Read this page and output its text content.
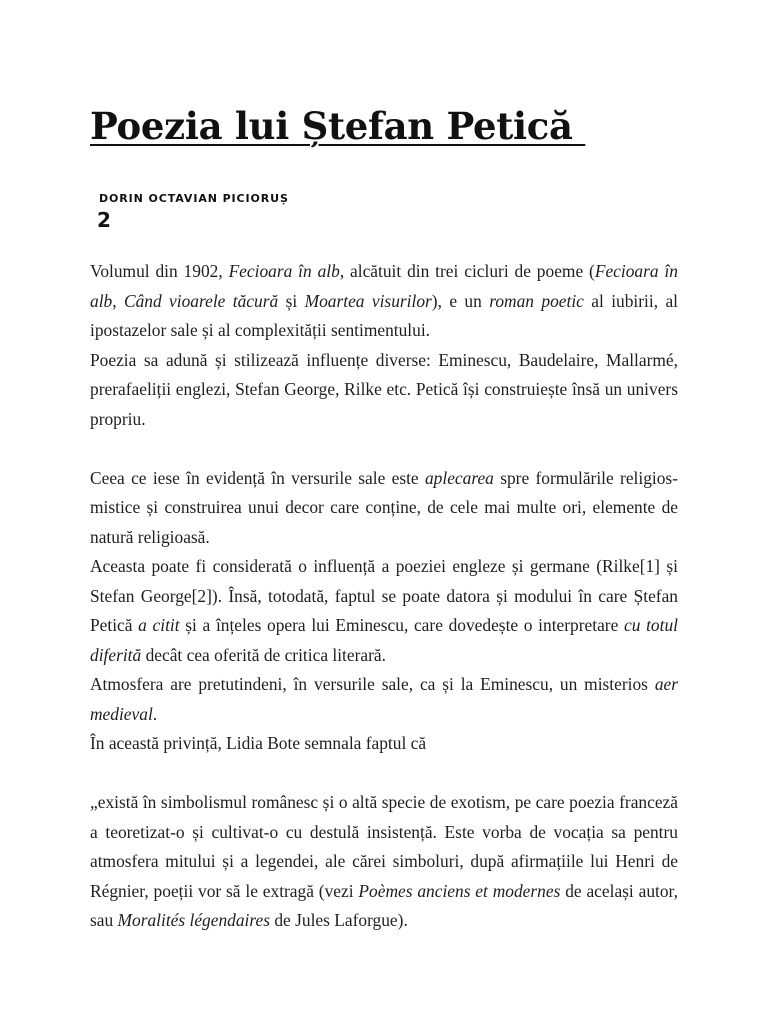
Poezia lui Ștefan Petică
DORIN OCTAVIAN PICIORUȘ
2

Volumul din 1902, Fecioara în alb, alcătuit din trei cicluri de poeme (Fecioara în alb, Când vioarele tăcură și Moartea visurilor), e un roman poetic al iubirii, al ipostazelor sale și al complexității sentimentului.

Poezia sa adună și stilizează influențe diverse: Eminescu, Baudelaire, Mallarmé, prerafaeliții englezi, Stefan George, Rilke etc. Petică își construiește însă un univers propriu.

Ceea ce iese în evidență în versurile sale este aplecarea spre formulările religios-mistice și construirea unui decor care conține, de cele mai multe ori, elemente de natură religioasă.

Aceasta poate fi considerată o influență a poeziei engleze și germane (Rilke[1] și Stefan George[2]). Însă, totodată, faptul se poate datora și modului în care Ștefan Petică a citit și a înțeles opera lui Eminescu, care dovedește o interpretare cu totul diferită decât cea oferită de critica literară.

Atmosfera are pretutindeni, în versurile sale, ca și la Eminescu, un misterios aer medieval.

În această privință, Lidia Bote semnala faptul că

„există în simbolismul românesc și o altă specie de exotism, pe care poezia franceză a teoretizat-o și cultivat-o cu destulă insistență. Este vorba de vocația sa pentru atmosfera mitului și a legendei, ale cărei simboluri, după afirmațiile lui Henri de Régnier, poeții vor să le extragă (vezi Poèmes anciens et modernes de același autor, sau Moralités légendaires de Jules Laforgue).
